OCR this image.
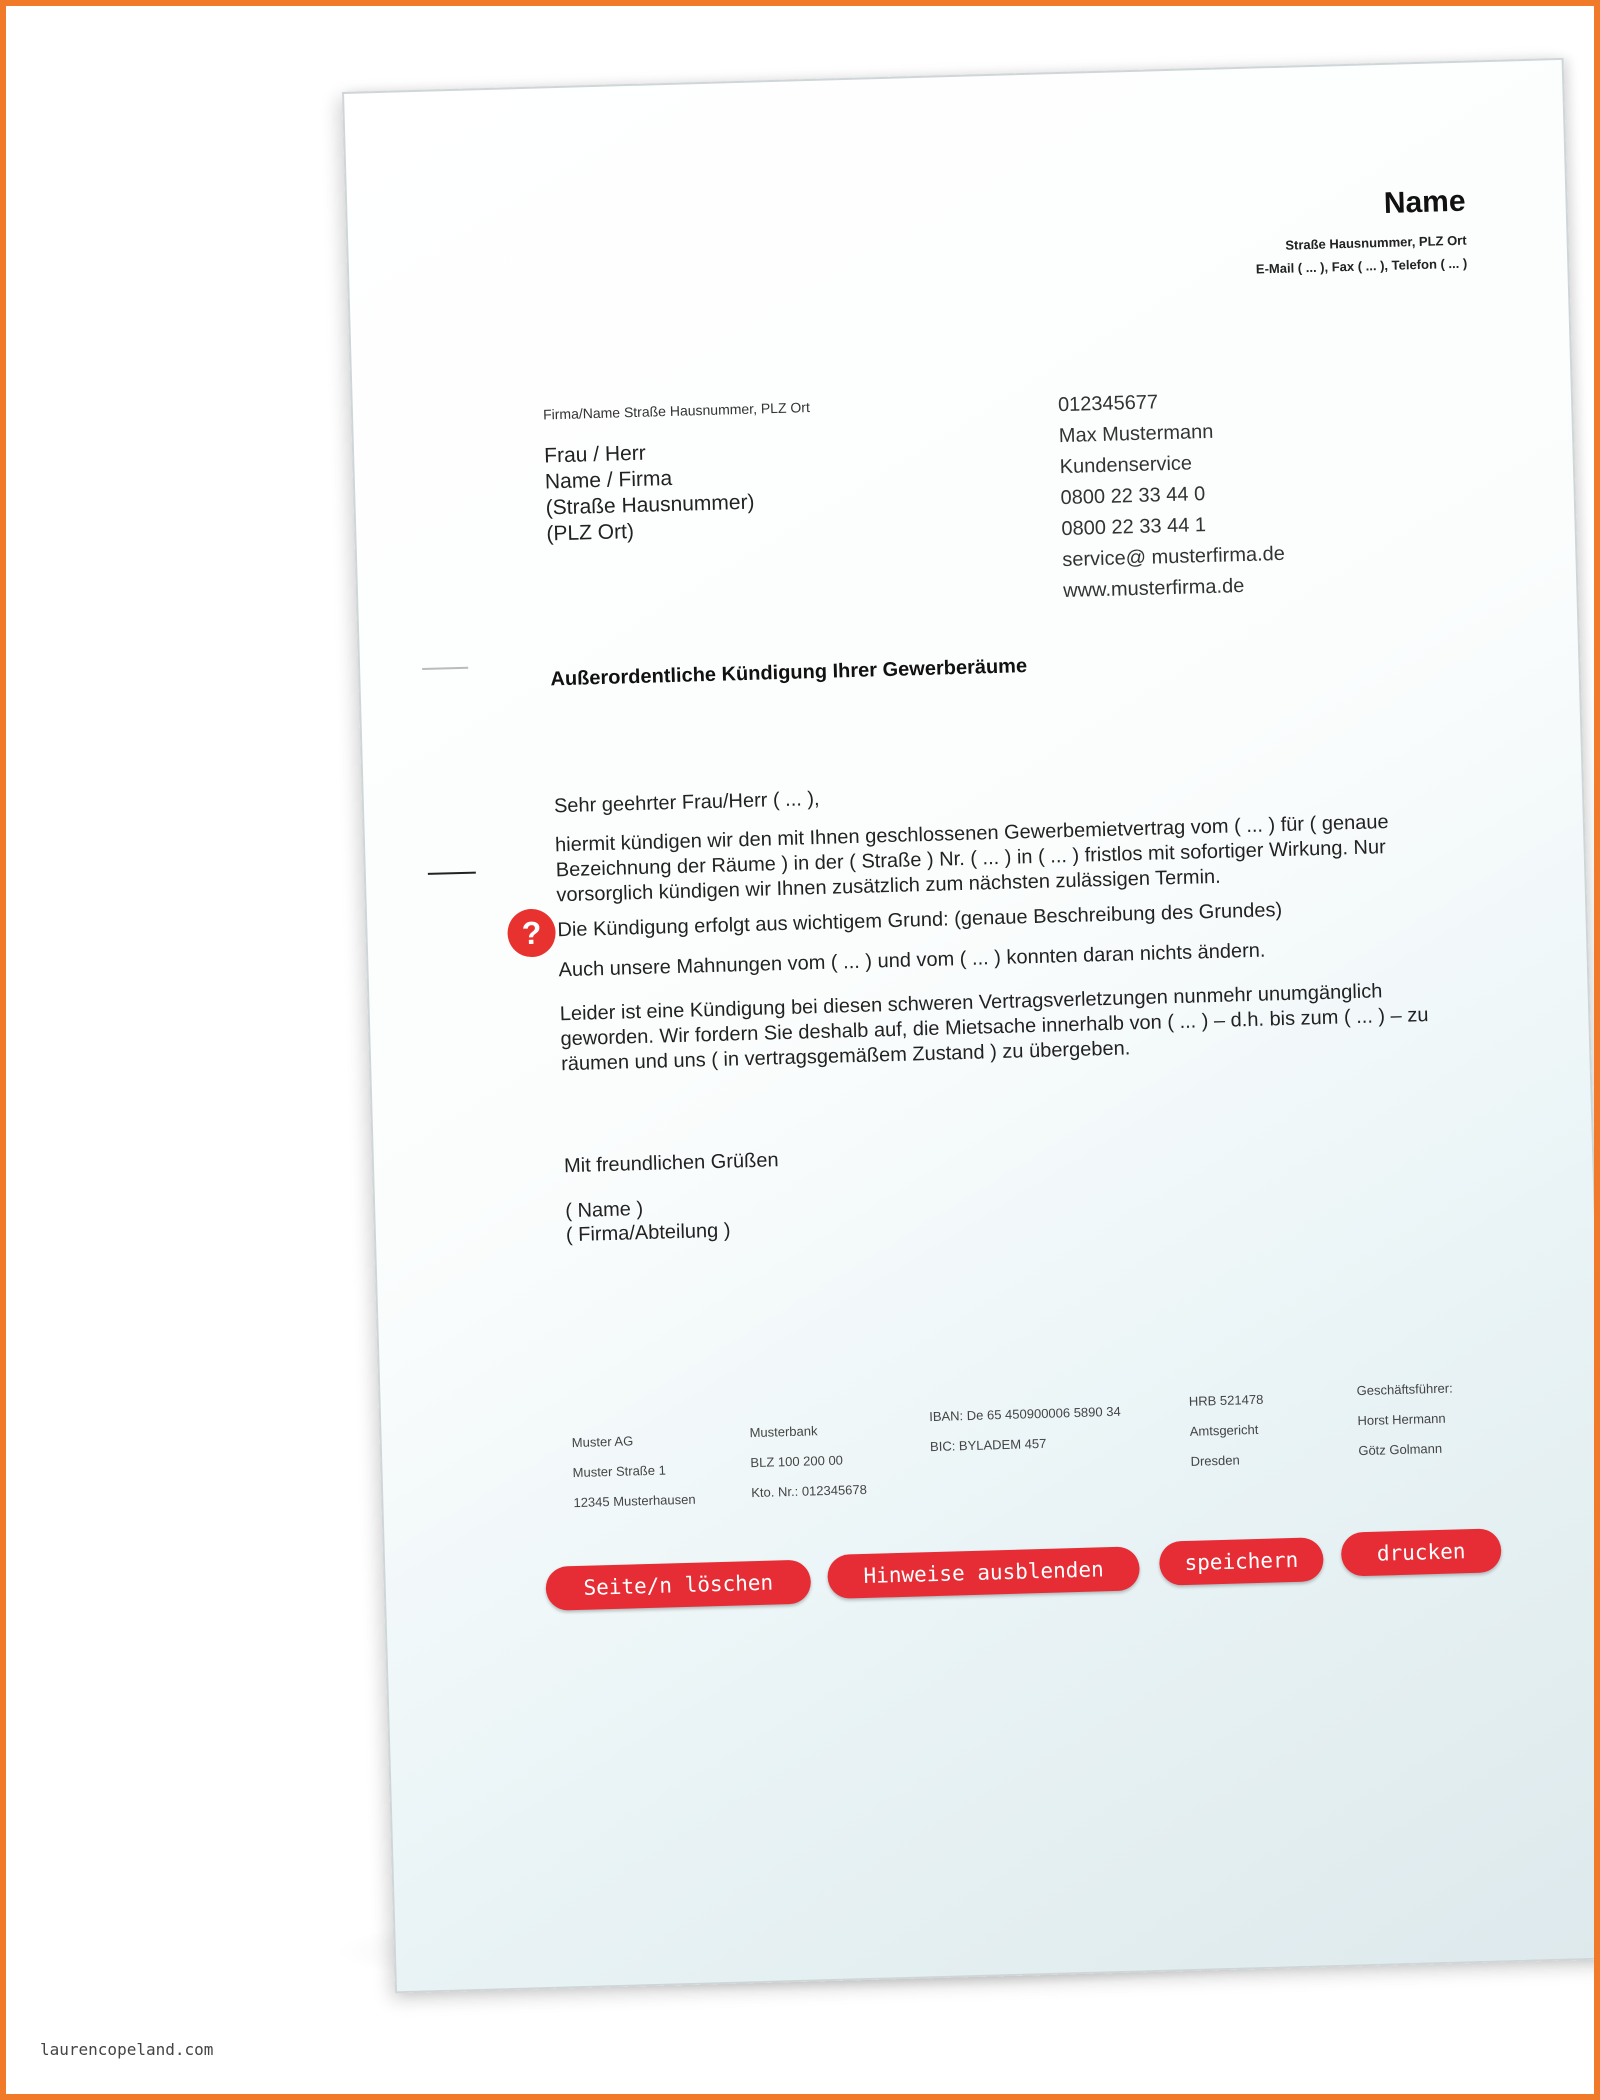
Name
Straße Hausnummer, PLZ Ort
E-Mail ( ... ), Fax ( ... ), Telefon ( ... )
Firma/Name Straße Hausnummer, PLZ Ort
Frau / Herr
Name / Firma
(Straße Hausnummer)
(PLZ Ort)
012345677
Max Mustermann
Kundenservice
0800 22 33 44 0
0800 22 33 44 1
service@ musterfirma.de
www.musterfirma.de
Außerordentliche Kündigung Ihrer Gewerberäume
Sehr geehrter Frau/Herr ( ... ),
hiermit kündigen wir den mit Ihnen geschlossenen Gewerbemietvertrag vom ( ... ) für ( genaue Bezeichnung der Räume ) in der ( Straße ) Nr. ( ... ) in ( ... ) fristlos mit sofortiger Wirkung. Nur vorsorglich kündigen wir Ihnen zusätzlich zum nächsten zulässigen Termin.
Die Kündigung erfolgt aus wichtigem Grund: (genaue Beschreibung des Grundes)
Auch unsere Mahnungen vom ( ... ) und vom ( ... ) konnten daran nichts ändern.
Leider ist eine Kündigung bei diesen schweren Vertragsverletzungen nunmehr unumgänglich geworden. Wir fordern Sie deshalb auf, die Mietsache innerhalb von ( ... ) – d.h. bis zum ( ... ) – zu räumen und uns ( in vertragsgemäßem Zustand ) zu übergeben.
?
Mit freundlichen Grüßen
( Name )
( Firma/Abteilung )
Muster AG
Muster Straße 1
12345 Musterhausen
Musterbank
BLZ 100 200 00
Kto. Nr.: 012345678
IBAN: De 65 450900006 5890 34
BIC: BYLADEM 457
HRB 521478
Amtsgericht
Dresden
Geschäftsführer:
Horst Hermann
Götz Golmann
Seite/n löschen	Hinweise ausblenden	speichern	drucken
laurencopeland.com
